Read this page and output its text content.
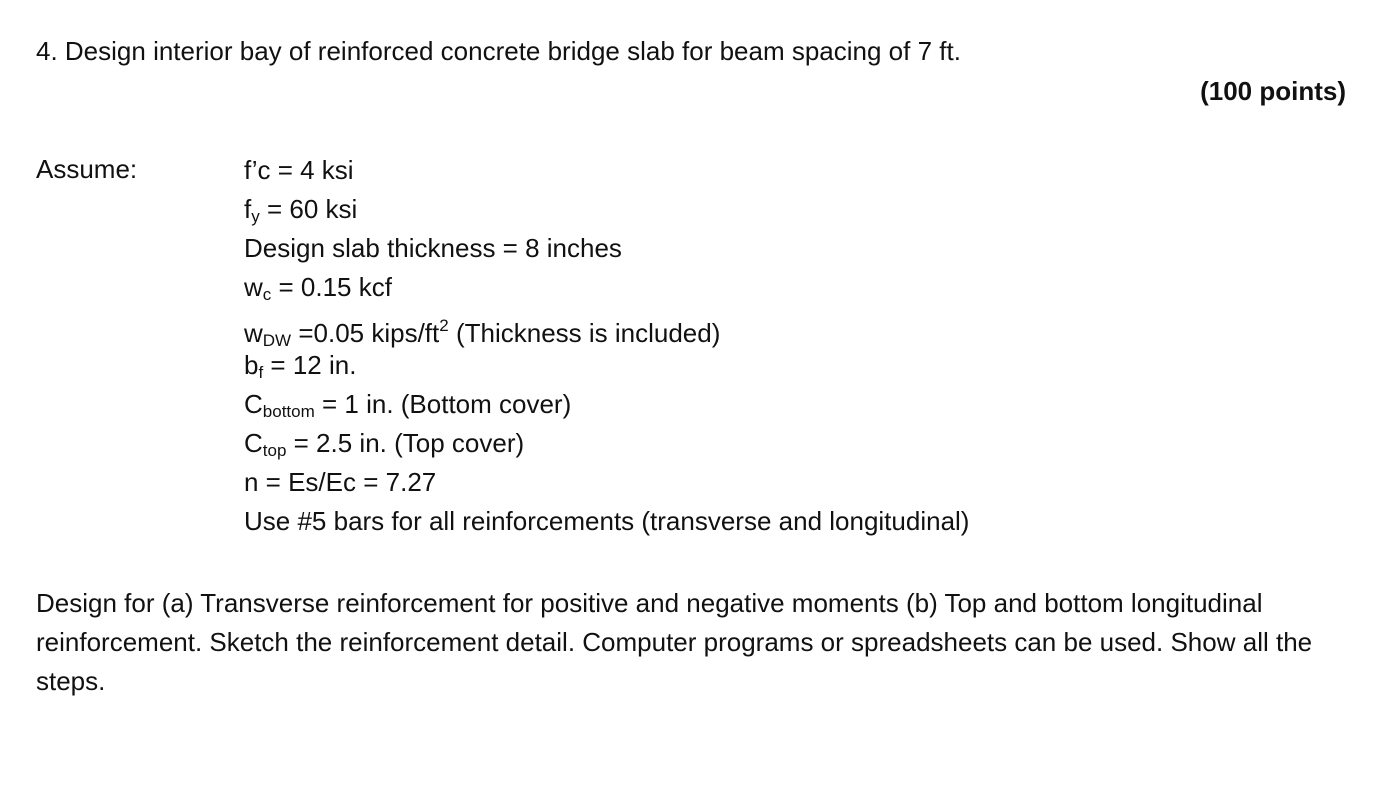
4. Design interior bay of reinforced concrete bridge slab for beam spacing of 7 ft.
(100 points)
Assume:	f’c = 4 ksi
$f_y = 60$ ksi
Design slab thickness = 8 inches
$w_c = 0.15$ kcf
$w_{DW} =0.05$ kips/$ft^2$ (Thickness is included)
$b_f = 12$ in.
$C_{bottom} = 1$ in. (Bottom cover)
$C_{top} = 2.5$ in. (Top cover)
n = Es/Ec = 7.27
Use #5 bars for all reinforcements (transverse and longitudinal)

Design for (a) Transverse reinforcement for positive and negative moments (b) Top and bottom longitudinal reinforcement. Sketch the reinforcement detail. Computer programs or spreadsheets can be used. Show all the steps.
